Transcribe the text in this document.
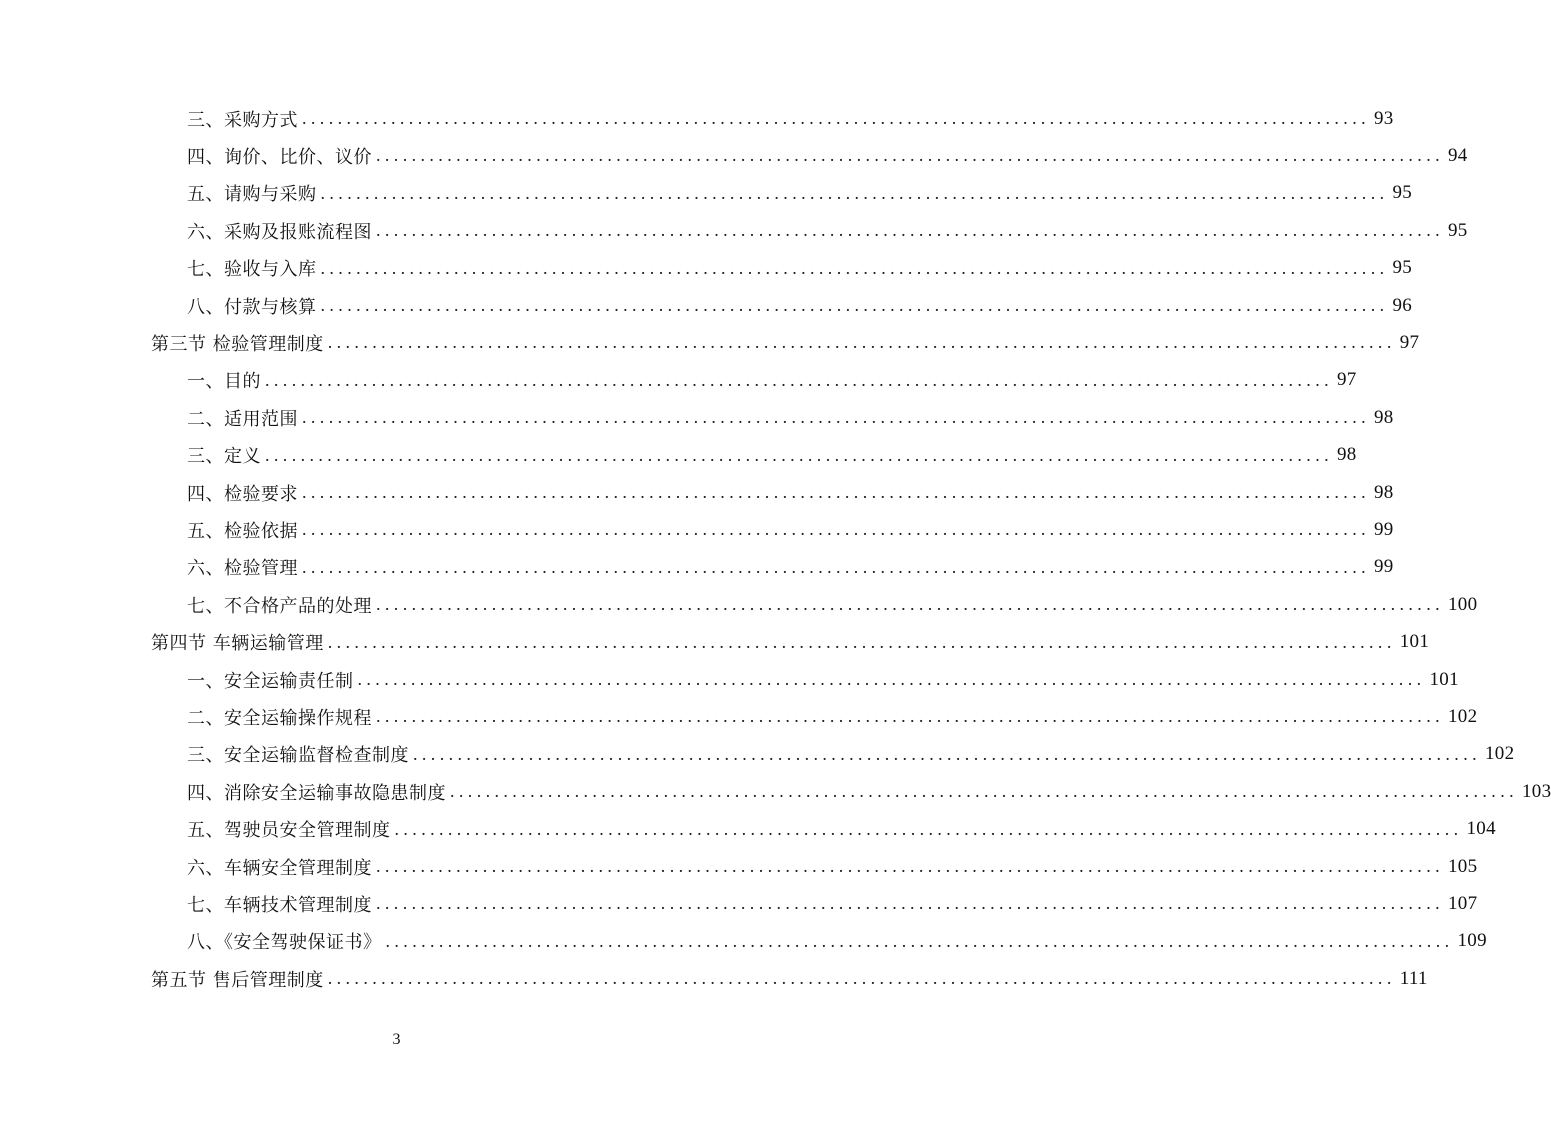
三、采购方式 ........................................................................................................................ 93
四、询价、比价、议价 ........................................................................................................................ 94
五、请购与采购 ........................................................................................................................ 95
六、采购及报账流程图 ........................................................................................................................ 95
七、验收与入库 ........................................................................................................................ 95
八、付款与核算 ........................................................................................................................ 96
第三节 检验管理制度 ........................................................................................................................ 97
一、目的 ........................................................................................................................ 97
二、适用范围 ........................................................................................................................ 98
三、定义 ........................................................................................................................ 98
四、检验要求 ........................................................................................................................ 98
五、检验依据 ........................................................................................................................ 99
六、检验管理 ........................................................................................................................ 99
七、不合格产品的处理 ........................................................................................................................ 100
第四节 车辆运输管理 ........................................................................................................................ 101
一、安全运输责任制 ........................................................................................................................ 101
二、安全运输操作规程 ........................................................................................................................ 102
三、安全运输监督检查制度 ........................................................................................................................ 102
四、消除安全运输事故隐患制度 ........................................................................................................................ 103
五、驾驶员安全管理制度 ........................................................................................................................ 104
六、车辆安全管理制度 ........................................................................................................................ 105
七、车辆技术管理制度 ........................................................................................................................ 107
八、《安全驾驶保证书》 ........................................................................................................................ 109
第五节 售后管理制度 ........................................................................................................................ 111
3
